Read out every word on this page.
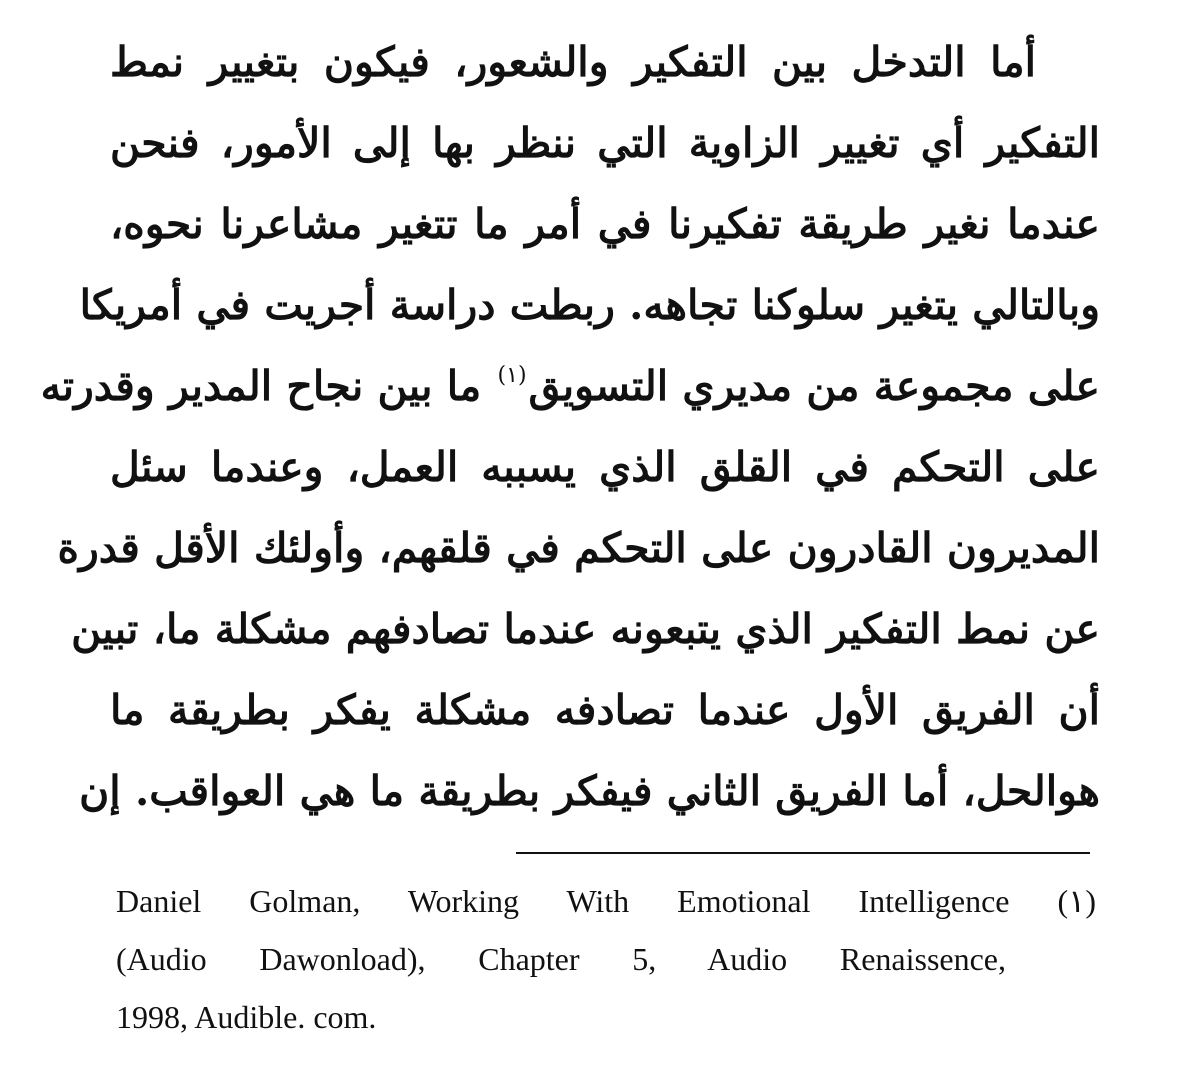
أما التدخل بين التفكير والشعور، فيكون بتغيير نمط
التفكير أي تغيير الزاوية التي ننظر بها إلى الأمور، فنحن
عندما نغير طريقة تفكيرنا في أمر ما تتغير مشاعرنا نحوه،
وبالتالي يتغير سلوكنا تجاهه. ربطت دراسة أجريت في أمريكا
على مجموعة من مديري التسويق$^{(١)}$ ما بين نجاح المدير وقدرته
على التحكم في القلق الذي يسببه العمل، وعندما سئل
المديرون القادرون على التحكم في قلقهم، وأولئك الأقل قدرة
عن نمط التفكير الذي يتبعونه عندما تصادفهم مشكلة ما، تبين
أن الفريق الأول عندما تصادفه مشكلة يفكر بطريقة ما
هوالحل، أما الفريق الثاني فيفكر بطريقة ما هي العواقب. إن
Daniel Golman, Working With Emotional Intelligence (١)
(Audio Dawonload), Chapter 5, Audio Renaissence,
1998, Audible. com.
